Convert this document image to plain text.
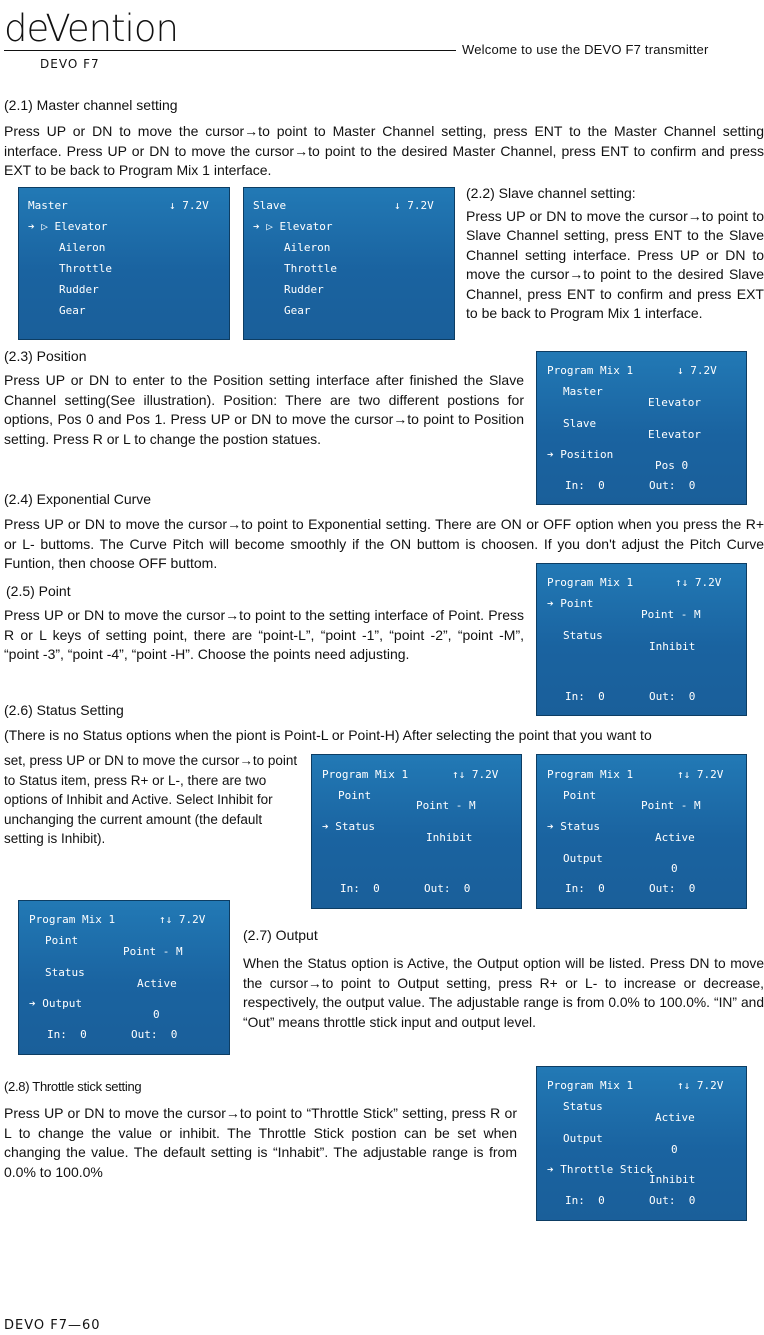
deVention
DEVO F7
Welcome to use the DEVO F7 transmitter
(2.1) Master channel setting
Press UP or DN to move the cursor→to point to Master Channel setting, press ENT to the Master Channel setting interface. Press UP or DN to move the cursor→to point to the desired Master Channel, press ENT to confirm and press EXT to be back to Program Mix 1 interface.
Master	↓ 7.2V
➔ ▷ Elevator
Aileron
Throttle
Rudder
Gear
Slave	↓ 7.2V
➔ ▷ Elevator
Aileron
Throttle
Rudder
Gear
(2.2) Slave channel setting:
Press UP or DN to move the cursor→to point to Slave Channel setting, press ENT to the Slave Channel setting interface. Press UP or DN to move the cursor→to point to the desired Slave Channel, press ENT to confirm and press EXT to be back to Program Mix 1 interface.
(2.3) Position
Press UP or DN to enter to the Position setting interface after finished the Slave Channel setting(See illustration). Position: There are two different postions for options, Pos 0 and Pos 1. Press UP or DN to move the cursor→to point to Position setting. Press R or L to change the postion statues.
Program Mix 1	↓ 7.2V
Master
Elevator
Slave
Elevator
➔ Position
Pos 0
In:  0	Out:  0
(2.4) Exponential Curve
Press UP or DN to move the cursor→to point to Exponential setting. There are ON or OFF option when you press the R+ or L- buttoms. The Curve Pitch will become smoothly if the ON buttom is choosen. If you don't adjust the Pitch Curve Funtion, then choose OFF buttom.
(2.5) Point
Press UP or DN to move the cursor→to point to the setting interface of Point. Press R or L keys of setting point, there are “point-L”, “point -1”, “point -2”, “point -M”, “point -3”, “point -4”, “point -H”. Choose the points need adjusting.
Program Mix 1	↑↓ 7.2V
➔ Point
Point - M
Status
Inhibit
In:  0	Out:  0
(2.6) Status Setting
(There is no Status options when the piont is Point-L or Point-H) After selecting the point that you want to
set, press UP or DN to move the cursor→to point to Status item, press R+ or L-, there are two options of Inhibit and Active. Select Inhibit for unchanging the current amount (the default setting is Inhibit).
Program Mix 1	↑↓ 7.2V
Point
Point - M
➔ Status
Inhibit
In:  0	Out:  0
Program Mix 1	↑↓ 7.2V
Point
Point - M
➔ Status
Active
Output
0
In:  0	Out:  0
Program Mix 1	↑↓ 7.2V
Point
Point - M
Status
Active
➔ Output
0
In:  0	Out:  0
(2.7) Output
When the Status option is Active, the Output option will be listed. Press DN to move the cursor→to point to Output setting, press R+ or L- to increase or decrease, respectively, the output value. The adjustable range is from 0.0% to 100.0%. “IN” and “Out” means throttle stick input and output level.
(2.8) Throttle stick setting
Press UP or DN to move the cursor→to point to “Throttle Stick” setting, press R or L to change the value or inhibit. The Throttle Stick postion can be set when changing the value. The default setting is “Inhabit”. The adjustable range is from 0.0% to 100.0%
Program Mix 1	↑↓ 7.2V
Status
Active
Output
0
➔ Throttle Stick
Inhibit
In:  0	Out:  0
DEVO F7—60
